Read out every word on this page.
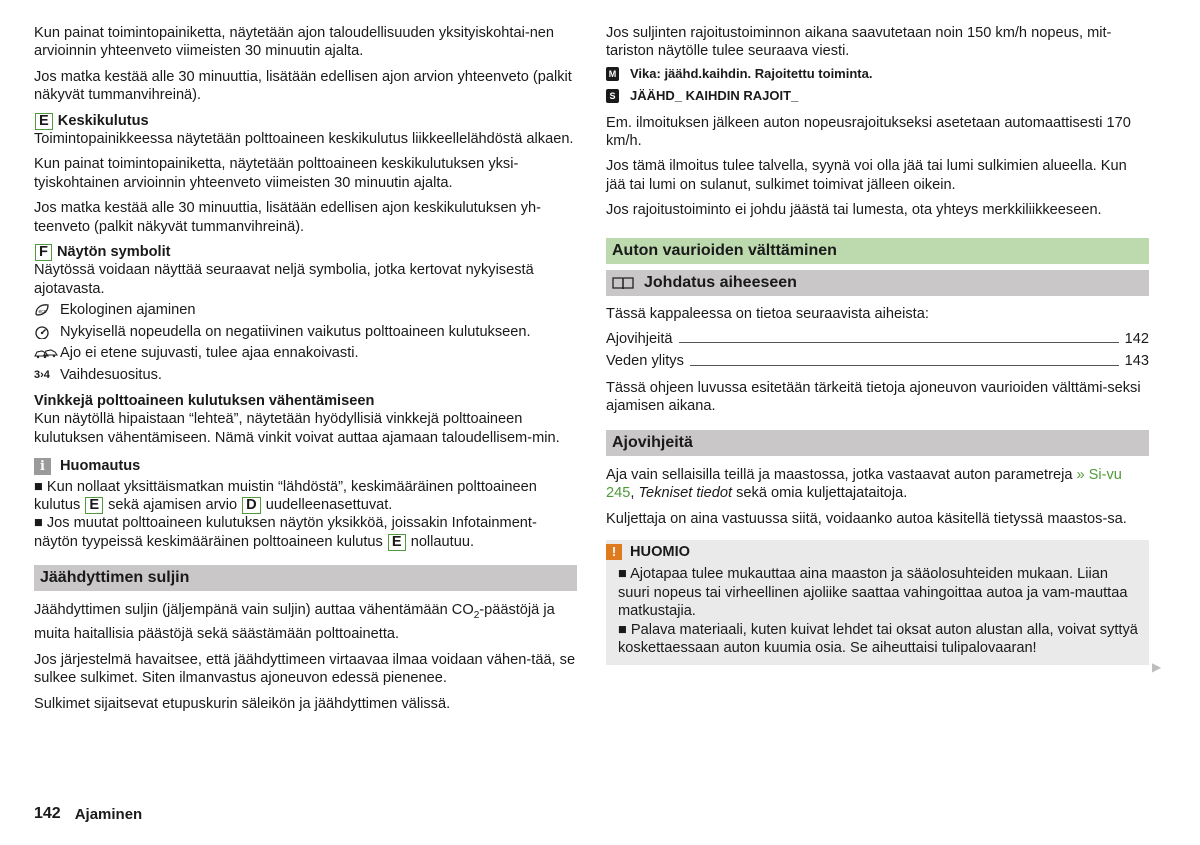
Kun painat toimintopainiketta, näytetään ajon taloudellisuuden yksityiskohtai-nen arvioinnin yhteenveto viimeisten 30 minuutin ajalta.

Jos matka kestää alle 30 minuuttia, lisätään edellisen ajon arvion yhteenveto (palkit näkyvät tummanvihreinä).

E Keskikulutus

Toimintopainikkeessa näytetään polttoaineen keskikulutus liikkeellelähdöstä alkaen.

Kun painat toimintopainiketta, näytetään polttoaineen keskikulutuksen yksi-tyiskohtainen arvioinnin yhteenveto viimeisten 30 minuutin ajalta.

Jos matka kestää alle 30 minuuttia, lisätään edellisen ajon keskikulutuksen yh-teenveto (palkit näkyvät tummanvihreinä).

F Näytön symbolit

Näytössä voidaan näyttää seuraavat neljä symbolia, jotka kertovat nykyisestä ajotavasta.

eco Ekologinen ajaminen
Nykyisellä nopeudella on negatiivinen vaikutus polttoaineen kulutukseen.
Ajo ei etene sujuvasti, tulee ajaa ennakoivasti.
3›4 Vaihdesuositus.
Vinkkejä polttoaineen kulutuksen vähentämiseen

Kun näytöllä hipaistaan “lehteä”, näytetään hyödyllisiä vinkkejä polttoaineen kulutuksen vähentämiseen. Nämä vinkit voivat auttaa ajamaan taloudellisem-min.

i	Huomautus

■ Kun nollaat yksittäismatkan muistin “lähdöstä”, keskimääräinen polttoaineen kulutus E sekä ajamisen arvio D uudelleenasettuvat.

■ Jos muutat polttoaineen kulutuksen näytön yksikköä, joissakin Infotainment-näytön tyypeissä keskimääräinen polttoaineen kulutus E nollautuu.

Jäähdyttimen suljin

Jäähdyttimen suljin (jäljempänä vain suljin) auttaa vähentämään $CO_2$-päästöjä ja muita haitallisia päästöjä sekä säästämään polttoainetta.

Jos järjestelmä havaitsee, että jäähdyttimeen virtaavaa ilmaa voidaan vähen-tää, se sulkee sulkimet. Siten ilmanvastus ajoneuvon edessä pienenee.

Sulkimet sijaitsevat etupuskurin säleikön ja jäähdyttimen välissä.

Jos suljinten rajoitustoiminnon aikana saavutetaan noin 150 km/h nopeus, mit-tariston näytölle tulee seuraava viesti.

M Vika: jäähd.kaihdin. Rajoitettu toiminta.
S JÄÄHD_ KAIHDIN RAJOIT_

Em. ilmoituksen jälkeen auton nopeusrajoitukseksi asetetaan automaattisesti 170 km/h.

Jos tämä ilmoitus tulee talvella, syynä voi olla jää tai lumi sulkimien alueella. Kun jää tai lumi on sulanut, sulkimet toimivat jälleen oikein.

Jos rajoitustoiminto ei johdu jäästä tai lumesta, ota yhteys merkkiliikkeeseen.

Auton vaurioiden välttäminen
Johdatus aiheeseen

Tässä kappaleessa on tietoa seuraavista aiheista:

Ajovihjeitä	142
Veden ylitys	143

Tässä ohjeen luvussa esitetään tärkeitä tietoja ajoneuvon vaurioiden välttämi-seksi ajamisen aikana.

Ajovihjeitä

Aja vain sellaisilla teillä ja maastossa, jotka vastaavat auton parametreja » Si-vu 245, Tekniset tiedot sekä omia kuljettajataitoja.

Kuljettaja on aina vastuussa siitä, voidaanko autoa käsitellä tietyssä maastos-sa.

! HUOMIO

■ Ajotapaa tulee mukauttaa aina maaston ja sääolosuhteiden mukaan. Liian suuri nopeus tai virheellinen ajoliike saattaa vahingoittaa autoa ja vam-mauttaa matkustajia.

■ Palava materiaali, kuten kuivat lehdet tai oksat auton alustan alla, voivat syttyä koskettaessaan auton kuumia osia. Se aiheuttaisi tulipalovaaran!

▶
142 Ajaminen
